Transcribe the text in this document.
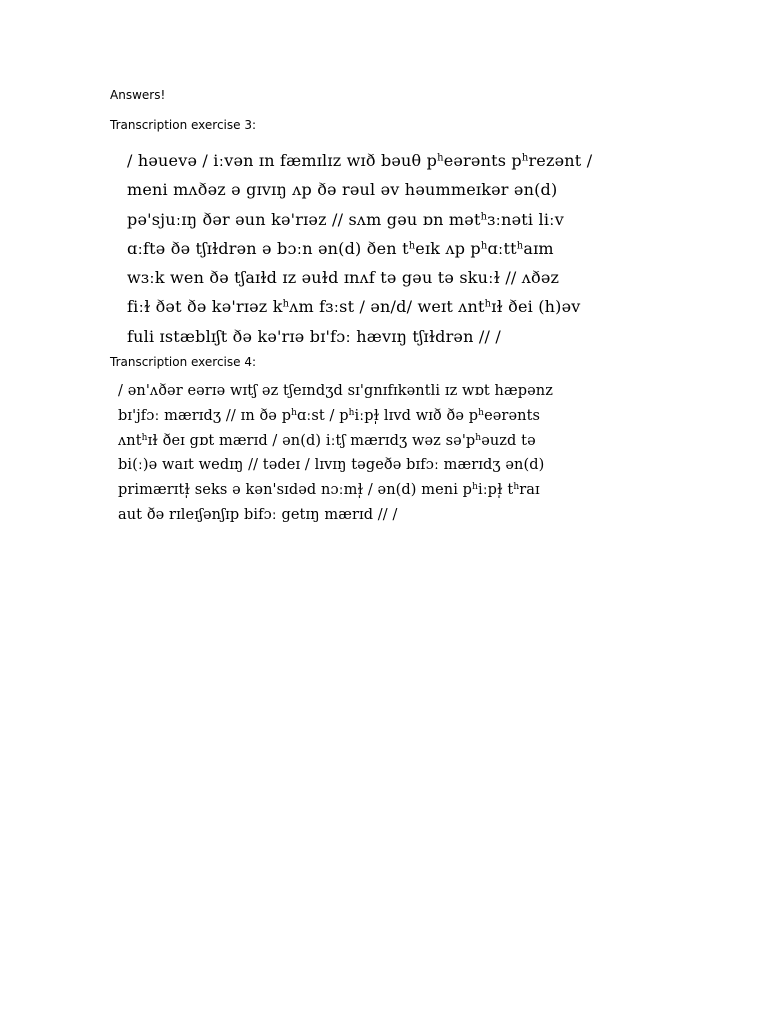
Answers!
Transcription exercise 3:
/ həuevə / iːvən ɪn fæmɪlɪz wɪð bəuθ $p^heərənts$ $p^hrezənt$ /
meni mʌðəz ə gɪvɪŋ ʌp ðə rəul əv həummeɪkər ən(d)
pə'sjuːɪŋ ðər əun kə'rɪəz // sʌm gəu ɒn mət$^h$ɜːnəti liːv
ɑːftə ðə tʃɪɫdrən ə bɔːn ən(d) ðen $t^heɪk$ ʌp $p^hɑːtt^haɪm$
wɜːk wen ðə tʃaɪɫd ɪz əuɫd ɪnʌf tə gəu tə skuːɫ // ʌðəz
fiːɫ ðət ðə kə'rɪəz $k^hʌm$ fɜːst / ən/d/ weɪt ʌnt$^h$ɪɫ ðei (h)əv
fuli ɪstæblɪʃt ðə kə'rɪə bɪ'fɔː hævɪŋ tʃɪɫdrən // /
Transcription exercise 4:
/ ən'ʌðər eərɪə wɪtʃ əz tʃeɪndʒd sɪ'gnɪfɪkəntli ɪz wɒt hæpənz
bɪ'jfɔː mærɪdʒ // ɪn ðə $p^hɑːst$ / $p^hiːpɫ̩$ lɪvd wɪð ðə $p^heərənts$
ʌnt$^h$ɪɫ ðeɪ gɒt mærɪd / ən(d) iːtʃ mærɪdʒ wəz $sə'p^həuzd$ tə
bi(ː)ə waɪt wedɪŋ // tədeɪ / lɪvɪŋ təgeðə bɪfɔː mærɪdʒ ən(d)
primærɪtɫ̩ seks ə kən'sɪdəd nɔːmɫ̩ / ən(d) meni $p^hiːpɫ̩$ $t^hraɪ$
aut ðə rɪleɪʃənʃɪp bifɔː getɪŋ mærɪd // /
